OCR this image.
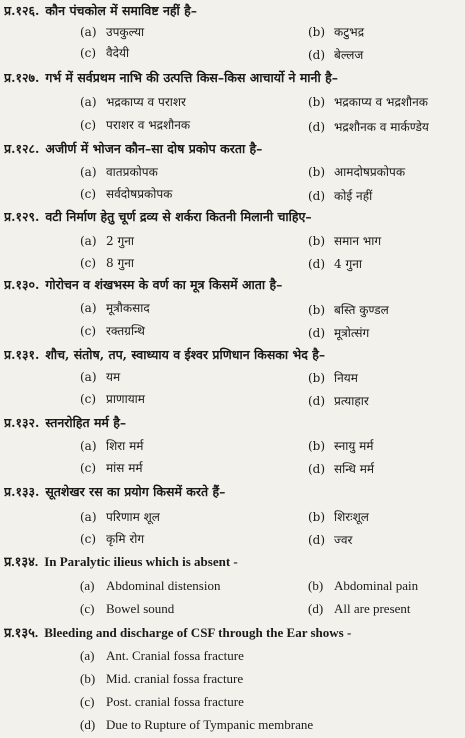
प्र.१२६. कौन पंचकोल में समाविष्ट नहीं है–
(a) उपकुल्या	(b) कटुभद्र
(c) वैदेयी	(d) बेल्लज
प्र.१२७. गर्भ में सर्वप्रथम नाभि की उत्पत्ति किस–किस आचार्यो ने मानी है–
(a) भद्रकाप्य व पराशर	(b) भद्रकाप्य व भद्रशौनक
(c) पराशर व भद्रशौनक	(d) भद्रशौनक व मार्कण्डेय
प्र.१२८. अजीर्ण में भोजन कौन–सा दोष प्रकोप करता है–
(a) वातप्रकोपक	(b) आमदोषप्रकोपक
(c) सर्वदोषप्रकोपक	(d) कोई नहीं
प्र.१२९. वटी निर्माण हेतु चूर्ण द्रव्य से शर्करा कितनी मिलानी चाहिए–
(a) 2 गुना	(b) समान भाग
(c) 8 गुना	(d) 4 गुना
प्र.१३०. गोरोचन व शंखभस्म के वर्ण का मूत्र किसमें आता है–
(a) मूत्रौकसाद	(b) बस्ति कुण्डल
(c) रक्तग्रन्थि	(d) मूत्रोत्संग
प्र.१३१. शौच, संतोष, तप, स्वाध्याय व ईश्वर प्रणिधान किसका भेद है–
(a) यम	(b) नियम
(c) प्राणायाम	(d) प्रत्याहार
प्र.१३२. स्तनरोहित मर्म है–
(a) शिरा मर्म	(b) स्नायु मर्म
(c) मांस मर्म	(d) सन्धि मर्म
प्र.१३३. सूतशेखर रस का प्रयोग किसमें करते हैं–
(a) परिणाम शूल	(b) शिरःशूल
(c) कृमि रोग	(d) ज्वर
प्र.१३४. In Paralytic ilieus which is absent -
(a) Abdominal distension	(b) Abdominal pain
(c) Bowel sound	(d) All are present
प्र.१३५. Bleeding and discharge of CSF through the Ear shows -
(a) Ant. Cranial fossa fracture
(b) Mid. cranial fossa fracture
(c) Post. cranial fossa fracture
(d) Due to Rupture of Tympanic membrane
